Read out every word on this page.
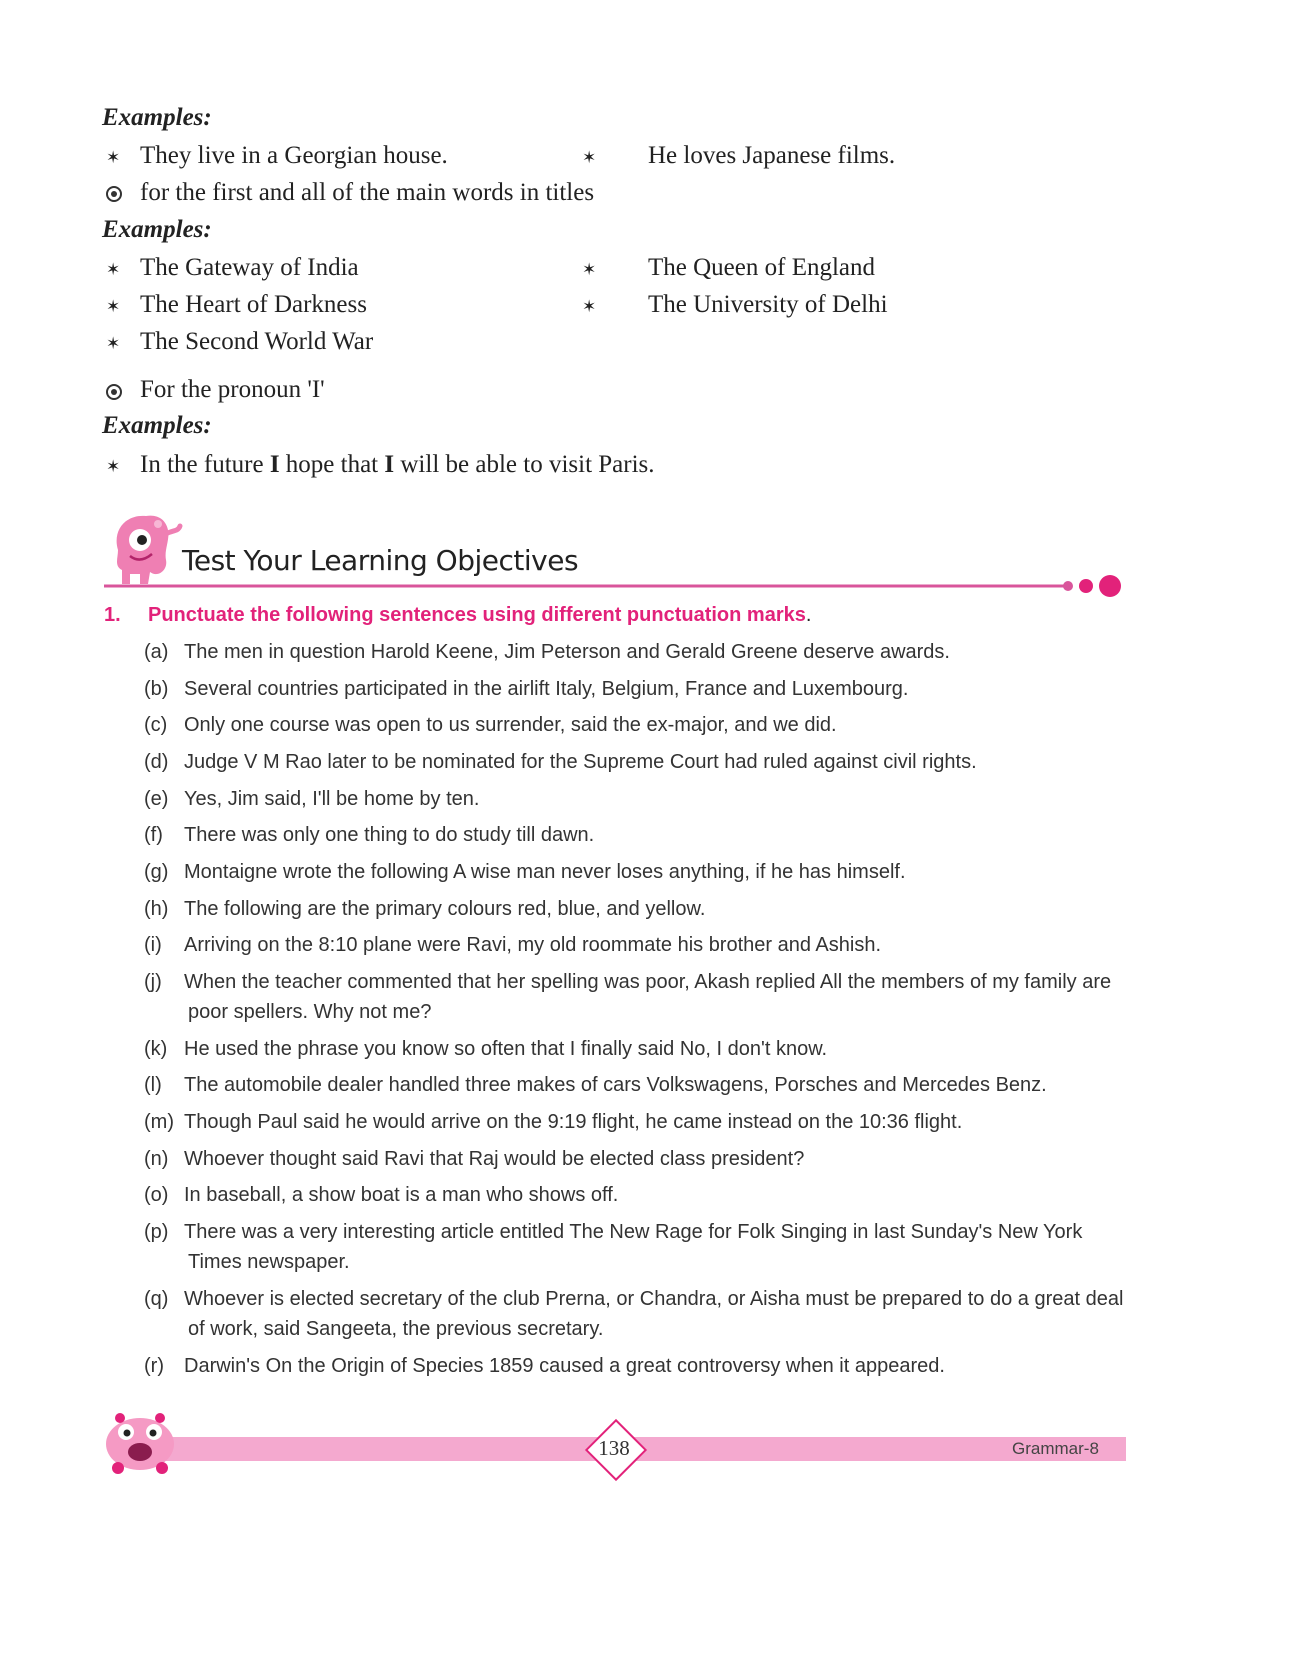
Examples:
✶ They live in a Georgian house.	✶ He loves Japanese films.
for the first and all of the main words in titles
Examples:
✶ The Gateway of India	✶ The Queen of England
✶ The Heart of Darkness	✶ The University of Delhi
✶ The Second World War
For the pronoun 'I'
Examples:
✶ In the future I hope that I will be able to visit Paris.
Test Your Learning Objectives
1. Punctuate the following sentences using different punctuation marks.
(a) The men in question Harold Keene, Jim Peterson and Gerald Greene deserve awards.
(b) Several countries participated in the airlift Italy, Belgium, France and Luxembourg.
(c) Only one course was open to us surrender, said the ex-major, and we did.
(d) Judge V M Rao later to be nominated for the Supreme Court had ruled against civil rights.
(e) Yes, Jim said, I'll be home by ten.
(f) There was only one thing to do study till dawn.
(g) Montaigne wrote the following A wise man never loses anything, if he has himself.
(h) The following are the primary colours red, blue, and yellow.
(i) Arriving on the 8:10 plane were Ravi, my old roommate his brother and Ashish.
(j) When the teacher commented that her spelling was poor, Akash replied All the members of my family are
poor spellers. Why not me?
(k) He used the phrase you know so often that I finally said No, I don't know.
(l) The automobile dealer handled three makes of cars Volkswagens, Porsches and Mercedes Benz.
(m) Though Paul said he would arrive on the 9:19 flight, he came instead on the 10:36 flight.
(n) Whoever thought said Ravi that Raj would be elected class president?
(o) In baseball, a show boat is a man who shows off.
(p) There was a very interesting article entitled The New Rage for Folk Singing in last Sunday's New York
Times newspaper.
(q) Whoever is elected secretary of the club Prerna, or Chandra, or Aisha must be prepared to do a great deal
of work, said Sangeeta, the previous secretary.
(r) Darwin's On the Origin of Species 1859 caused a great controversy when it appeared.
Grammar-8
138
